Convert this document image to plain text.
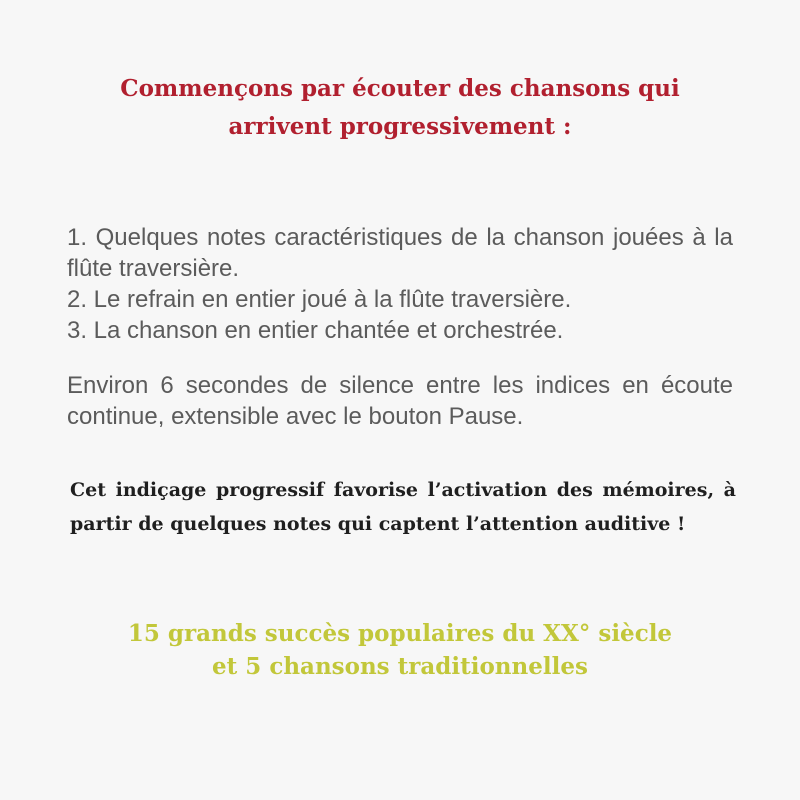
Commençons par écouter des chansons qui
arrivent progressivement :

1. Quelques notes caractéristiques de la chanson jouées à la flûte traversière.

2. Le refrain en entier joué à la flûte traversière.

3. La chanson en entier chantée et orchestrée.

Environ 6 secondes de silence entre les indices en écoute continue, extensible avec le bouton Pause.
Cet indiçage progressif favorise l’activation des mémoires, à partir de quelques notes qui captent l’attention auditive !
15 grands succès populaires du XX° siècle
et 5 chansons traditionnelles
